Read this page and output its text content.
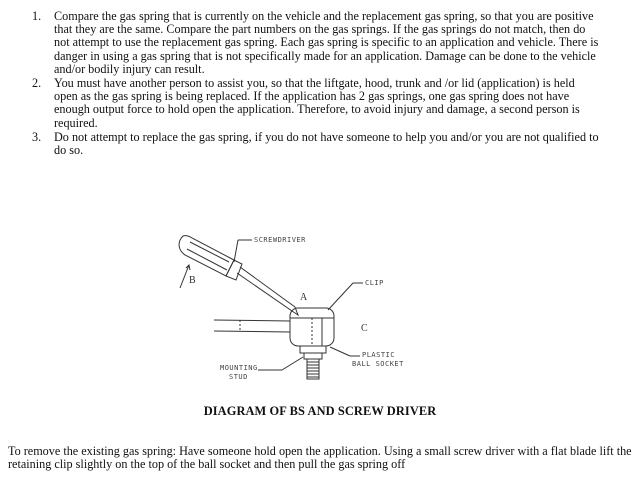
1. Compare the gas spring that is currently on the vehicle and the replacement gas spring, so that you are positive that they are the same. Compare the part numbers on the gas springs. If the gas springs do not match, then do not attempt to use the replacement gas spring. Each gas spring is specific to an application and vehicle. There is danger in using a gas spring that is not specifically made for an application. Damage can be done to the vehicle and/or bodily injury can result.
2. You must have another person to assist you, so that the liftgate, hood, trunk and /or lid (application) is held open as the gas spring is being replaced. If the application has 2 gas springs, one gas spring does not have enough output force to hold open the application. Therefore, to avoid injury and damage, a second person is required.
3. Do not attempt to replace the gas spring, if you do not have someone to help you and/or you are not qualified to do so.
SCREWDRIVER
CLIP
PLASTIC
BALL SOCKET
MOUNTING
STUD
A
B
C
DIAGRAM OF BS AND SCREW DRIVER
To remove the existing gas spring: Have someone hold open the application. Using a small screw driver with a flat blade lift the retaining clip slightly on the top of the ball socket and then pull the gas spring off
